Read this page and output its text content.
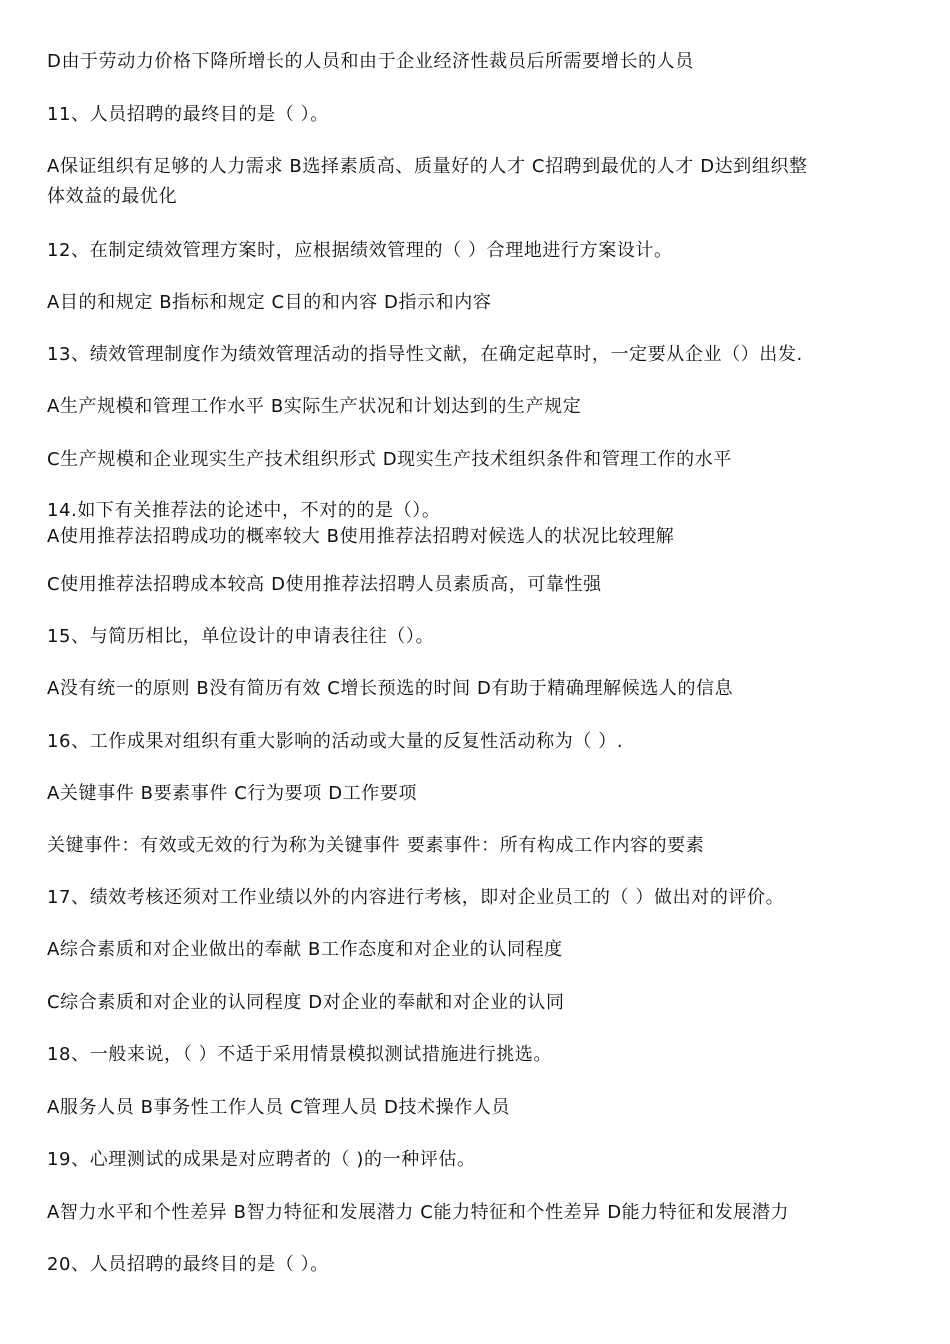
D由于劳动力价格下降所增长的人员和由于企业经济性裁员后所需要增长的人员
11、人员招聘的最终目的是（ ）。
A保证组织有足够的人力需求 B选择素质高、质量好的人才 C招聘到最优的人才 D达到组织整
体效益的最优化
12、在制定绩效管理方案时，应根据绩效管理的（ ）合理地进行方案设计。
A目的和规定 B指标和规定 C目的和内容 D指示和内容
13、绩效管理制度作为绩效管理活动的指导性文献，在确定起草时，一定要从企业（）出发.
A生产规模和管理工作水平 B实际生产状况和计划达到的生产规定
C生产规模和企业现实生产技术组织形式 D现实生产技术组织条件和管理工作的水平
14.如下有关推荐法的论述中，不对的的是（）。
A使用推荐法招聘成功的概率较大 B使用推荐法招聘对候选人的状况比较理解
C使用推荐法招聘成本较高 D使用推荐法招聘人员素质高，可靠性强
15、与简历相比，单位设计的申请表往往（）。
A没有统一的原则 B没有简历有效 C增长预选的时间 D有助于精确理解候选人的信息
16、工作成果对组织有重大影响的活动或大量的反复性活动称为（ ）.
A关键事件 B要素事件 C行为要项 D工作要项
关键事件：有效或无效的行为称为关键事件 要素事件：所有构成工作内容的要素
17、绩效考核还须对工作业绩以外的内容进行考核，即对企业员工的（ ）做出对的评价。
A综合素质和对企业做出的奉献 B工作态度和对企业的认同程度
C综合素质和对企业的认同程度 D对企业的奉献和对企业的认同
18、一般来说，（ ）不适于采用情景模拟测试措施进行挑选。
A服务人员 B事务性工作人员 C管理人员 D技术操作人员
19、心理测试的成果是对应聘者的（ )的一种评估。
A智力水平和个性差异 B智力特征和发展潜力 C能力特征和个性差异 D能力特征和发展潜力
20、人员招聘的最终目的是（ ）。
